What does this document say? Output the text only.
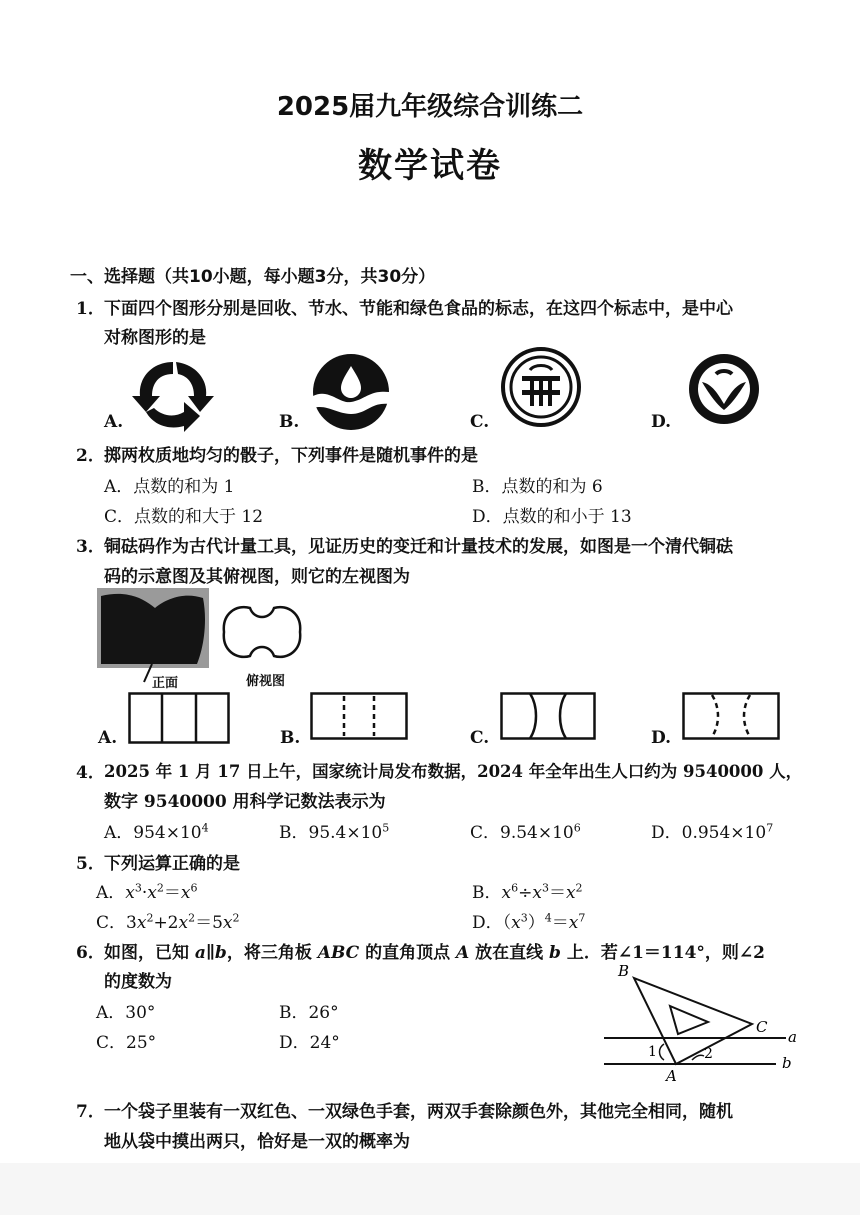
2025届九年级综合训练二
数学试卷
一、选择题（共10小题，每小题3分，共30分）
1． 下面四个图形分别是回收、节水、节能和绿色食品的标志，在这四个标志中，是中心
对称图形的是
A.	B.	C.	D.
2． 掷两枚质地均匀的骰子，下列事件是随机事件的是
A．点数的和为 1	B．点数的和为 6
C．点数的和大于 12	D．点数的和小于 13
3． 铜砝码作为古代计量工具，见证历史的变迁和计量技术的发展，如图是一个清代铜砝
码的示意图及其俯视图，则它的左视图为
正面	俯视图
A.	B.	C.	D.
4． 2025 年 1 月 17 日上午，国家统计局发布数据，2024 年全年出生人口约为 9540000 人，
数字 9540000 用科学记数法表示为
A．$954\times 10^4$	B．$95.4\times 10^5$	C．$9.54\times 10^6$	D．$0.954\times 10^7$
5． 下列运算正确的是
A．$x^3\cdot x^2=x^6$	B．$x^6\div x^3=x^2$
C．$3x^2+2x^2=5x^2$	D．$(x^3)^4=x^7$
6． 如图，已知 a∥b，将三角板 ABC 的直角顶点 A 放在直线 b 上．若∠1＝114°，则∠2
的度数为
A．30°	B．26°
C．25°	D．24°
B
C
a
b
A
1	2
7． 一个袋子里装有一双红色、一双绿色手套，两双手套除颜色外，其他完全相同，随机
地从袋中摸出两只，恰好是一双的概率为
